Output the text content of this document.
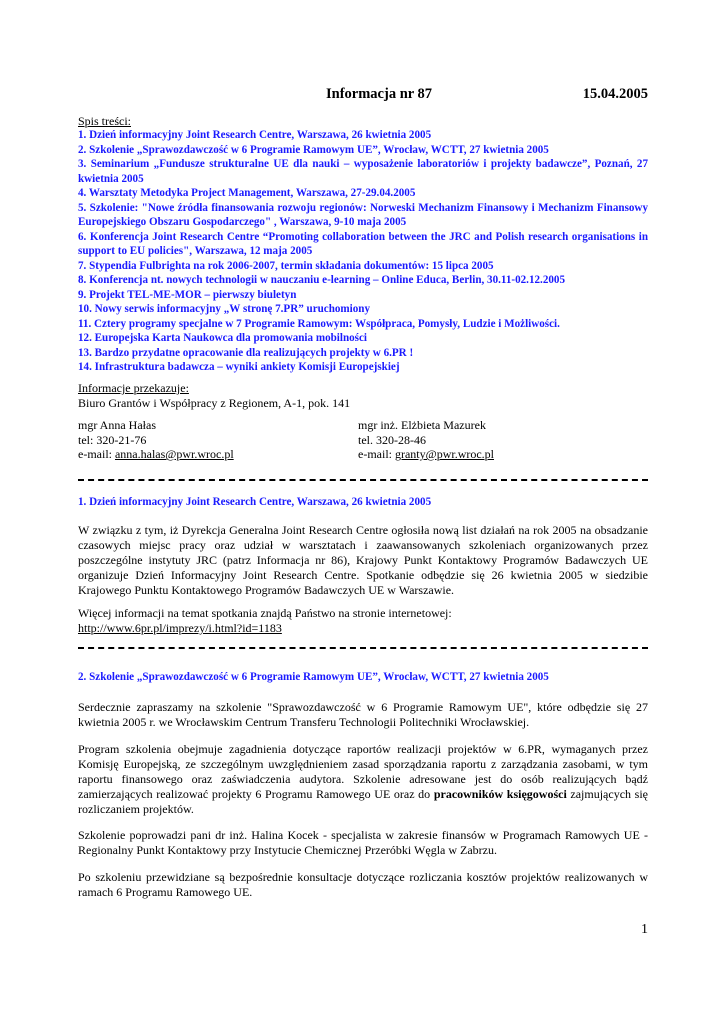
Informacja nr 87	15.04.2005
Spis treści:
1. Dzień informacyjny Joint Research Centre, Warszawa, 26 kwietnia 2005
2. Szkolenie „Sprawozdawczość w 6 Programie Ramowym UE”, Wrocław, WCTT, 27 kwietnia 2005
3. Seminarium „Fundusze strukturalne UE dla nauki – wyposażenie laboratoriów i projekty badawcze”, Poznań, 27 kwietnia 2005
4. Warsztaty Metodyka Project Management, Warszawa, 27-29.04.2005
5. Szkolenie: "Nowe źródła finansowania rozwoju regionów: Norweski Mechanizm Finansowy i Mechanizm Finansowy Europejskiego Obszaru Gospodarczego" , Warszawa, 9-10 maja 2005
6. Konferencja Joint Research Centre “Promoting collaboration between the JRC and Polish research organisations in support to EU policies", Warszawa, 12 maja 2005
7. Stypendia Fulbrighta na rok 2006-2007, termin składania dokumentów: 15 lipca 2005
8. Konferencja nt. nowych technologii w nauczaniu e-learning – Online Educa, Berlin, 30.11-02.12.2005
9. Projekt TEL-ME-MOR – pierwszy biuletyn
10. Nowy serwis informacyjny „W stronę 7.PR” uruchomiony
11. Cztery programy specjalne w 7 Programie Ramowym: Współpraca, Pomysły, Ludzie i Możliwości.
12. Europejska Karta Naukowca dla promowania mobilności
13. Bardzo przydatne opracowanie dla realizujących projekty w 6.PR !
14. Infrastruktura badawcza – wyniki ankiety Komisji Europejskiej
Informacje przekazuje:
Biuro Grantów i Współpracy z Regionem, A-1, pok. 141
mgr Anna Hałas
tel: 320-21-76
e-mail: anna.halas@pwr.wroc.pl
mgr inż. Elżbieta Mazurek
tel. 320-28-46
e-mail: granty@pwr.wroc.pl
1. Dzień informacyjny Joint Research Centre, Warszawa, 26 kwietnia 2005

W związku z tym, iż Dyrekcja Generalna Joint Research Centre ogłosiła nową list działań na rok 2005 na obsadzanie czasowych miejsc pracy oraz udział w warsztatach i zaawansowanych szkoleniach organizowanych przez poszczególne instytuty JRC (patrz Informacja nr 86), Krajowy Punkt Kontaktowy Programów Badawczych UE organizuje Dzień Informacyjny Joint Research Centre. Spotkanie odbędzie się 26 kwietnia 2005 w siedzibie Krajowego Punktu Kontaktowego Programów Badawczych UE w Warszawie.

Więcej informacji na temat spotkania znajdą Państwo na stronie internetowej:
http://www.6pr.pl/imprezy/i.html?id=1183
2. Szkolenie „Sprawozdawczość w 6 Programie Ramowym UE”, Wrocław, WCTT, 27 kwietnia 2005

Serdecznie zapraszamy na szkolenie "Sprawozdawczość w 6 Programie Ramowym UE", które odbędzie się 27 kwietnia 2005 r. we Wrocławskim Centrum Transferu Technologii Politechniki Wrocławskiej.

Program szkolenia obejmuje zagadnienia dotyczące raportów realizacji projektów w 6.PR, wymaganych przez Komisję Europejską, ze szczególnym uwzględnieniem zasad sporządzania raportu z zarządzania zasobami, w tym raportu finansowego oraz zaświadczenia audytora. Szkolenie adresowane jest do osób realizujących bądź zamierzających realizować projekty 6 Programu Ramowego UE oraz do pracowników księgowości zajmujących się rozliczaniem projektów.

Szkolenie poprowadzi pani dr inż. Halina Kocek - specjalista w zakresie finansów w Programach Ramowych UE - Regionalny Punkt Kontaktowy przy Instytucie Chemicznej Przeróbki Węgla w Zabrzu.

Po szkoleniu przewidziane są bezpośrednie konsultacje dotyczące rozliczania kosztów projektów realizowanych w ramach 6 Programu Ramowego UE.

1
